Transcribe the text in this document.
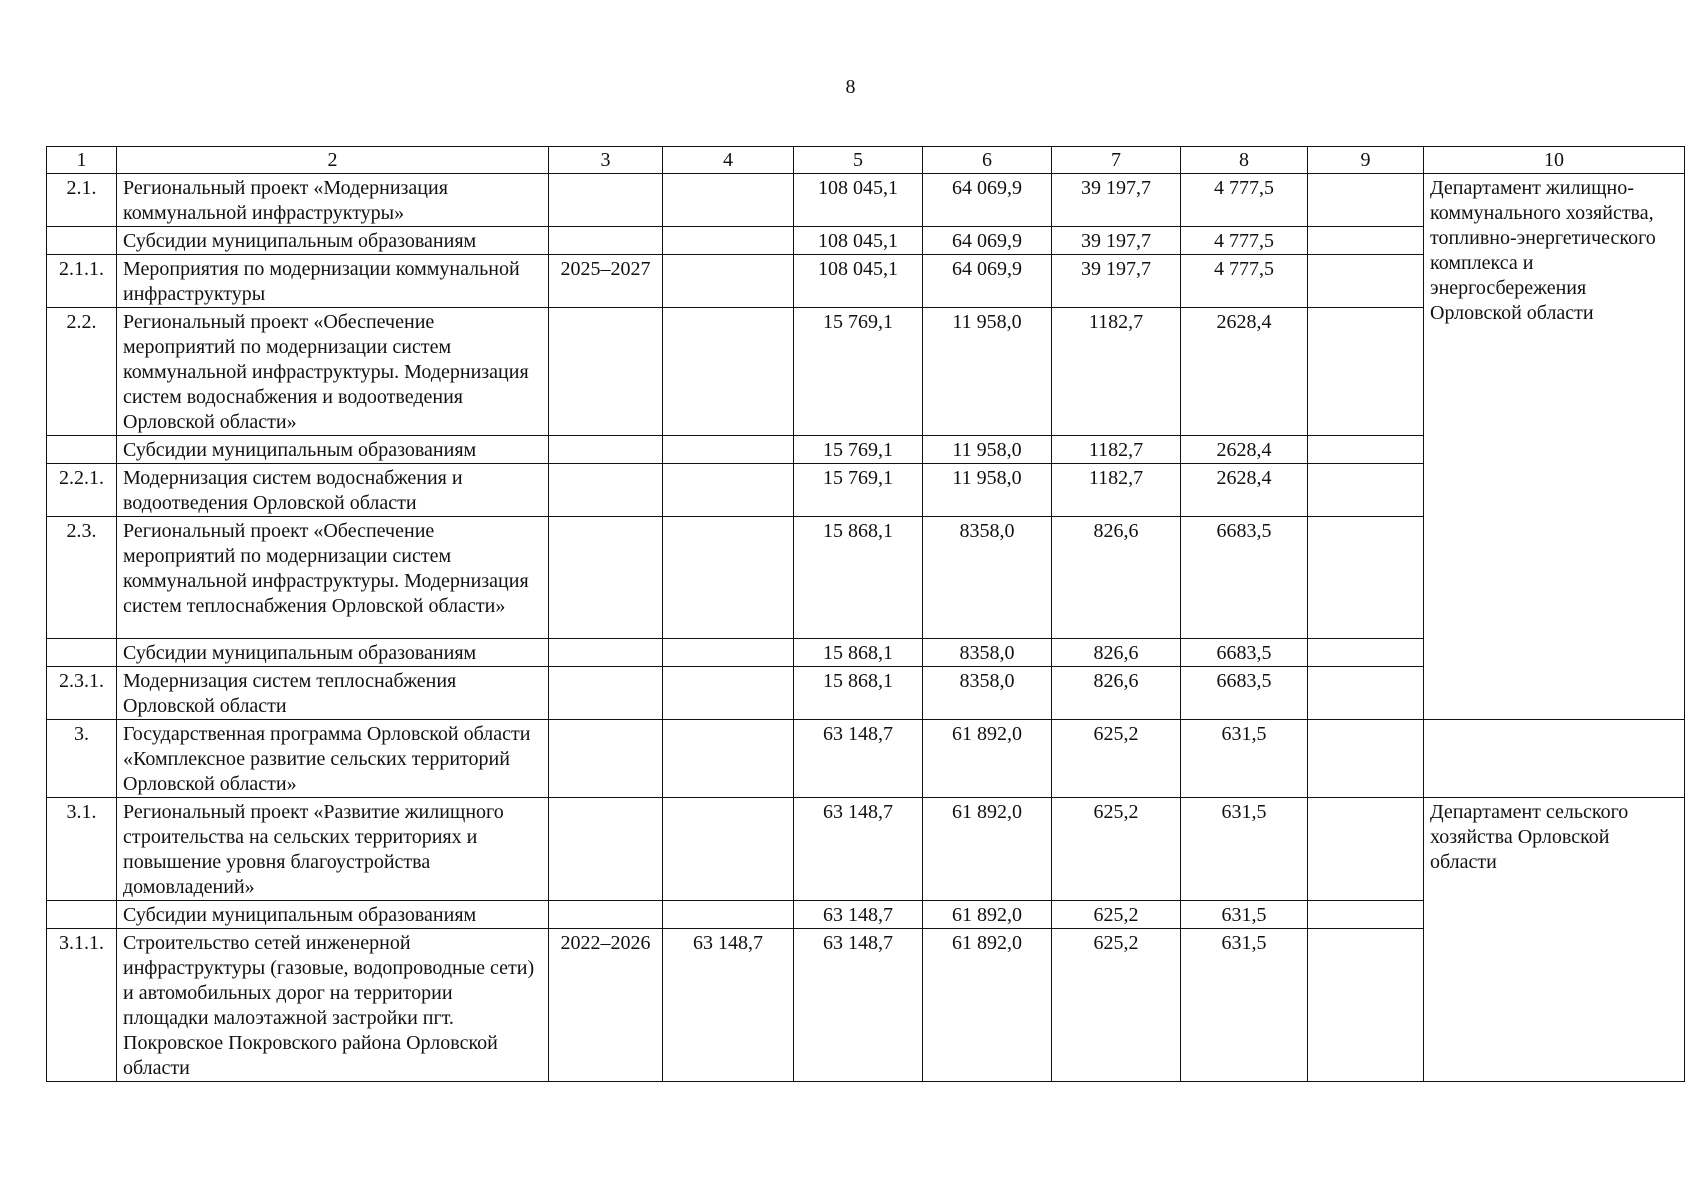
8
1	2	3	4	5	6	7	8	9	10
2.1.	Региональный проект «Модернизация коммунальной инфраструктуры»			108 045,1	64 069,9	39 197,7	4 777,5		Департамент жилищно-коммунального хозяйства, топливно-энергетического комплекса и энергосбережения Орловской области
	Субсидии муниципальным образованиям			108 045,1	64 069,9	39 197,7	4 777,5		
2.1.1.	Мероприятия по модернизации коммунальной инфраструктуры	2025–2027		108 045,1	64 069,9	39 197,7	4 777,5		
2.2.	Региональный проект «Обеспечение мероприятий по модернизации систем коммунальной инфраструктуры. Модернизация систем водоснабжения и водоотведения Орловской области»			15 769,1	11 958,0	1182,7	2628,4		
	Субсидии муниципальным образованиям			15 769,1	11 958,0	1182,7	2628,4		
2.2.1.	Модернизация систем водоснабжения и водоотведения Орловской области			15 769,1	11 958,0	1182,7	2628,4		
2.3.	Региональный проект «Обеспечение мероприятий по модернизации систем коммунальной инфраструктуры. Модернизация систем теплоснабжения Орловской области»			15 868,1	8358,0	826,6	6683,5		
	Субсидии муниципальным образованиям			15 868,1	8358,0	826,6	6683,5		
2.3.1.	Модернизация систем теплоснабжения Орловской области			15 868,1	8358,0	826,6	6683,5		
3.	Государственная программа Орловской области «Комплексное развитие сельских территорий Орловской области»			63 148,7	61 892,0	625,2	631,5		
3.1.	Региональный проект «Развитие жилищного строительства на сельских территориях и повышение уровня благоустройства домовладений»			63 148,7	61 892,0	625,2	631,5		Департамент сельского хозяйства Орловской области
	Субсидии муниципальным образованиям			63 148,7	61 892,0	625,2	631,5		
3.1.1.	Строительство сетей инженерной инфраструктуры (газовые, водопроводные сети) и автомобильных дорог на территории площадки малоэтажной застройки пгт. Покровское Покровского района Орловской области	2022–2026	63 148,7	63 148,7	61 892,0	625,2	631,5		
